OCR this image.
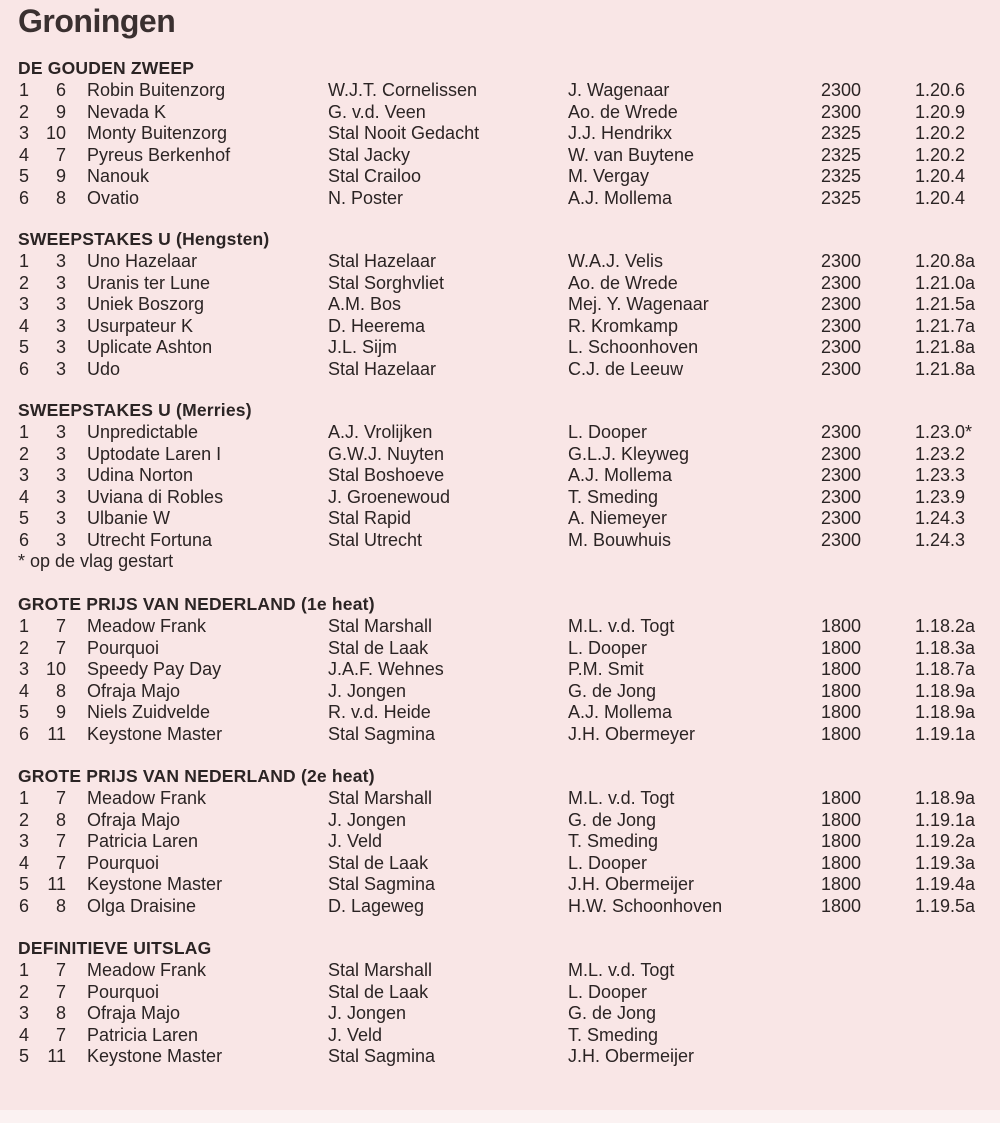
Groningen
DE GOUDEN ZWEEP
1	6 Robin Buitenzorg	W.J.T. Cornelissen	J. Wagenaar	2300	1.20.6
2	9 Nevada K	G. v.d. Veen	Ao. de Wrede	2300	1.20.9
3 10 Monty Buitenzorg	Stal Nooit Gedacht	J.J. Hendrikx	2325	1.20.2
4	7 Pyreus Berkenhof	Stal Jacky	W. van Buytene	2325	1.20.2
5	9 Nanouk	Stal Crailoo	M. Vergay	2325	1.20.4
6	8 Ovatio	N. Poster	A.J. Mollema	2325	1.20.4
SWEEPSTAKES U (Hengsten)
1	3 Uno Hazelaar	Stal Hazelaar	W.A.J. Velis	2300	1.20.8a
2	3 Uranis ter Lune	Stal Sorghvliet	Ao. de Wrede	2300	1.21.0a
3	3 Uniek Boszorg	A.M. Bos	Mej. Y. Wagenaar	2300	1.21.5a
4	3 Usurpateur K	D. Heerema	R. Kromkamp	2300	1.21.7a
5	3 Uplicate Ashton	J.L. Sijm	L. Schoonhoven	2300	1.21.8a
6	3 Udo	Stal Hazelaar	C.J. de Leeuw	2300	1.21.8a
SWEEPSTAKES U (Merries)
1	3 Unpredictable	A.J. Vrolijken	L. Dooper	2300	1.23.0*
2	3 Uptodate Laren I	G.W.J. Nuyten	G.L.J. Kleyweg	2300	1.23.2
3	3 Udina Norton	Stal Boshoeve	A.J. Mollema	2300	1.23.3
4	3 Uviana di Robles	J. Groenewoud	T. Smeding	2300	1.23.9
5	3 Ulbanie W	Stal Rapid	A. Niemeyer	2300	1.24.3
6	3 Utrecht Fortuna	Stal Utrecht	M. Bouwhuis	2300	1.24.3
* op de vlag gestart
GROTE PRIJS VAN NEDERLAND (1e heat)
1	7 Meadow Frank	Stal Marshall	M.L. v.d. Togt	1800	1.18.2a
2	7 Pourquoi	Stal de Laak	L. Dooper	1800	1.18.3a
3 10 Speedy Pay Day	J.A.F. Wehnes	P.M. Smit	1800	1.18.7a
4	8 Ofraja Majo	J. Jongen	G. de Jong	1800	1.18.9a
5	9 Niels Zuidvelde	R. v.d. Heide	A.J. Mollema	1800	1.18.9a
6	11 Keystone Master	Stal Sagmina	J.H. Obermeyer	1800	1.19.1a
GROTE PRIJS VAN NEDERLAND (2e heat)
1	7 Meadow Frank	Stal Marshall	M.L. v.d. Togt	1800	1.18.9a
2	8 Ofraja Majo	J. Jongen	G. de Jong	1800	1.19.1a
3	7 Patricia Laren	J. Veld	T. Smeding	1800	1.19.2a
4	7 Pourquoi	Stal de Laak	L. Dooper	1800	1.19.3a
5	11 Keystone Master	Stal Sagmina	J.H. Obermeijer	1800	1.19.4a
6	8 Olga Draisine	D. Lageweg	H.W. Schoonhoven	1800	1.19.5a
DEFINITIEVE UITSLAG
1	7 Meadow Frank	Stal Marshall	M.L. v.d. Togt
2	7 Pourquoi	Stal de Laak	L. Dooper
3	8 Ofraja Majo	J. Jongen	G. de Jong
4	7 Patricia Laren	J. Veld	T. Smeding
5	11 Keystone Master	Stal Sagmina	J.H. Obermeijer
